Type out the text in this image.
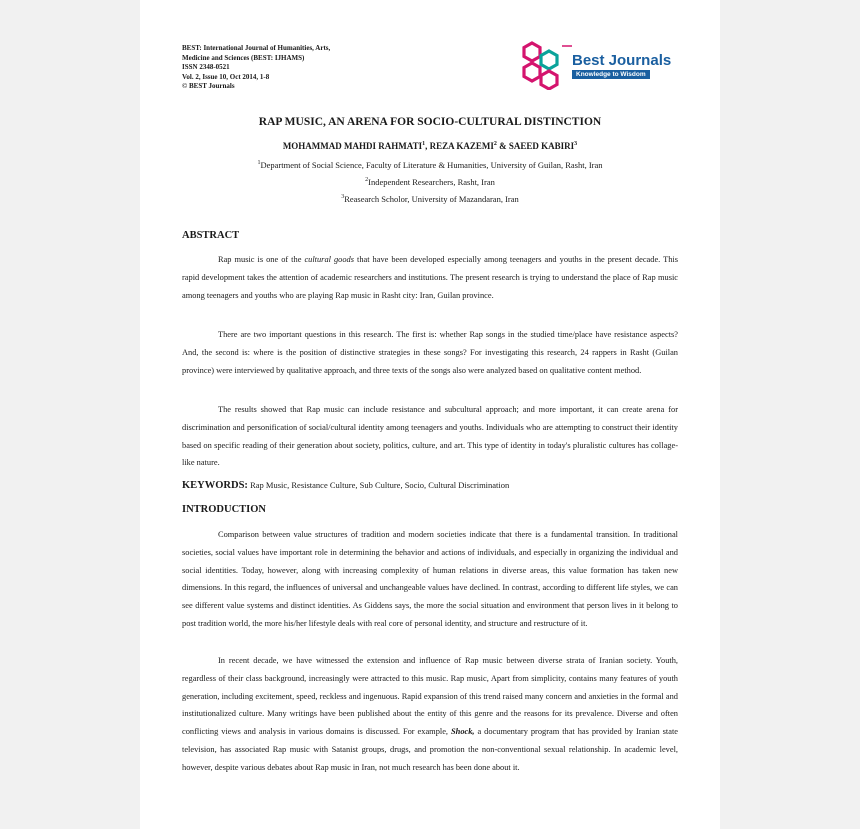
BEST: International Journal of Humanities, Arts,
Medicine and Sciences (BEST: IJHAMS)
ISSN 2348-0521
Vol. 2, Issue 10, Oct 2014, 1-8
© BEST Journals
Best Journals
Knowledge to Wisdom
RAP MUSIC, AN ARENA FOR SOCIO-CULTURAL DISTINCTION
MOHAMMAD MAHDI RAHMATI$^1$, REZA KAZEMI$^2$ & SAEED KABIRI$^3$
$^1$Department of Social Science, Faculty of Literature & Humanities, University of Guilan, Rasht, Iran
$^2$Independent Researchers, Rasht, Iran
$^3$Reasearch Scholor, University of Mazandaran, Iran
ABSTRACT

Rap music is one of the cultural goods that have been developed especially among teenagers and youths in the present decade. This rapid development takes the attention of academic researchers and institutions. The present research is trying to understand the place of Rap music among teenagers and youths who are playing Rap music in Rasht city: Iran, Guilan province.

There are two important questions in this research. The first is: whether Rap songs in the studied time/place have resistance aspects? And, the second is: where is the position of distinctive strategies in these songs? For investigating this research, 24 rappers in Rasht (Guilan province) were interviewed by qualitative approach, and three texts of the songs also were analyzed based on qualitative content method.

The results showed that Rap music can include resistance and subcultural approach; and more important, it can create arena for discrimination and personification of social/cultural identity among teenagers and youths. Individuals who are attempting to construct their identity based on specific reading of their generation about society, politics, culture, and art. This type of identity in today's pluralistic cultures has collage- like nature.

KEYWORDS: Rap Music, Resistance Culture, Sub Culture, Socio, Cultural Discrimination
INTRODUCTION

Comparison between value structures of tradition and modern societies indicate that there is a fundamental transition. In traditional societies, social values have important role in determining the behavior and actions of individuals, and especially in organizing the individual and social identities. Today, however, along with increasing complexity of human relations in diverse areas, this value formation has taken new dimensions. In this regard, the influences of universal and unchangeable values have declined. In contrast, according to different life styles, we can see different value systems and distinct identities. As Giddens says, the more the social situation and environment that person lives in it belong to post tradition world, the more his/her lifestyle deals with real core of personal identity, and structure and restructure of it.

In recent decade, we have witnessed the extension and influence of Rap music between diverse strata of Iranian society. Youth, regardless of their class background, increasingly were attracted to this music. Rap music, Apart from simplicity, contains many features of youth generation, including excitement, speed, reckless and ingenuous. Rapid expansion of this trend raised many concern and anxieties in the formal and institutionalized culture. Many writings have been published about the entity of this genre and the reasons for its prevalence. Diverse and often conflicting views and analysis in various domains is discussed. For example, Shock, a documentary program that has provided by Iranian state television, has associated Rap music with Satanist groups, drugs, and promotion the non-conventional sexual relationship. In academic level, however, despite various debates about Rap music in Iran, not much research has been done about it.
